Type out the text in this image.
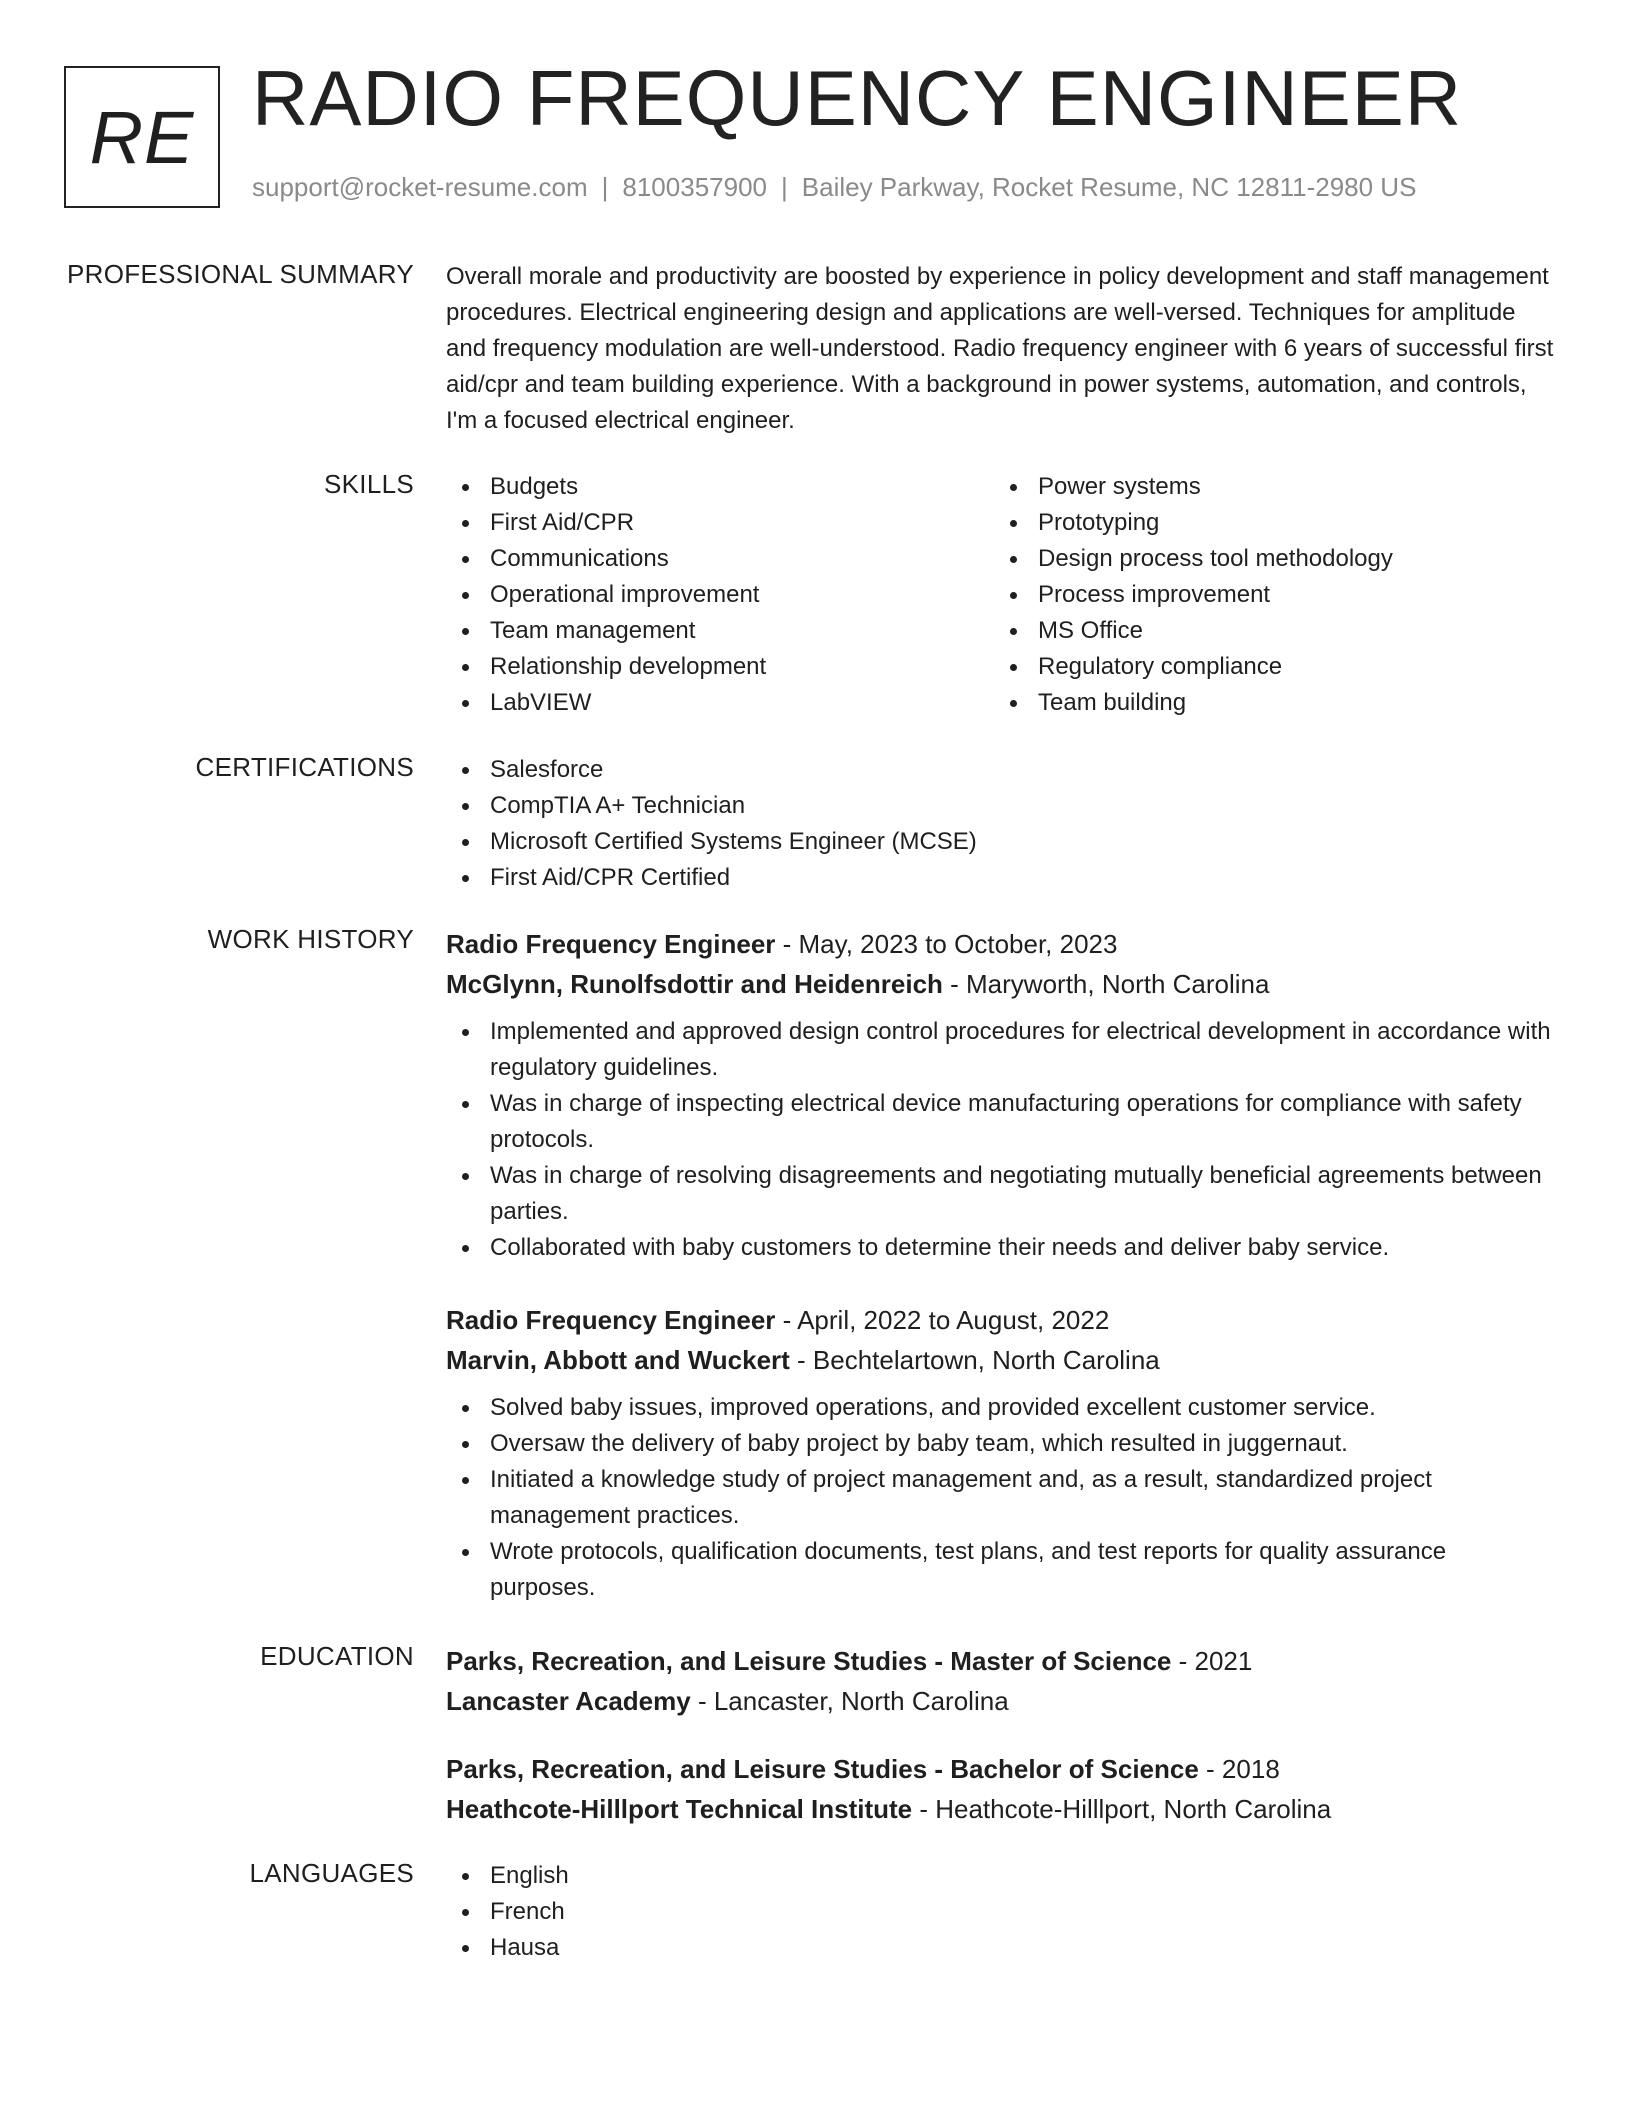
RE RADIO FREQUENCY ENGINEER
support@rocket-resume.com | 8100357900 | Bailey Parkway, Rocket Resume, NC 12811-2980 US
PROFESSIONAL SUMMARY Overall morale and productivity are boosted by experience in policy development and staff management procedures. Electrical engineering design and applications are well-versed. Techniques for amplitude and frequency modulation are well-understood. Radio frequency engineer with 6 years of successful first aid/cpr and team building experience. With a background in power systems, automation, and controls, I'm a focused electrical engineer.

SKILLS	Budgets
First Aid/CPR
Communications
Operational improvement
Team management
Relationship development
LabVIEW
Power systems
Prototyping
Design process tool methodology
Process improvement
MS Office
Regulatory compliance
Team building
CERTIFICATIONS	Salesforce
CompTIA A+ Technician
Microsoft Certified Systems Engineer (MCSE)
First Aid/CPR Certified
WORK HISTORY Radio Frequency Engineer - May, 2023 to October, 2023
McGlynn, Runolfsdottir and Heidenreich - Maryworth, North Carolina
Implemented and approved design control procedures for electrical development in accordance with regulatory guidelines.
Was in charge of inspecting electrical device manufacturing operations for compliance with safety protocols.
Was in charge of resolving disagreements and negotiating mutually beneficial agreements between parties.
Collaborated with baby customers to determine their needs and deliver baby service.
Radio Frequency Engineer - April, 2022 to August, 2022
Marvin, Abbott and Wuckert - Bechtelartown, North Carolina
Solved baby issues, improved operations, and provided excellent customer service.
Oversaw the delivery of baby project by baby team, which resulted in juggernaut.
Initiated a knowledge study of project management and, as a result, standardized project management practices.
Wrote protocols, qualification documents, test plans, and test reports for quality assurance purposes.
EDUCATION Parks, Recreation, and Leisure Studies - Master of Science - 2021
Lancaster Academy - Lancaster, North Carolina
Parks, Recreation, and Leisure Studies - Bachelor of Science - 2018
Heathcote-Hilllport Technical Institute - Heathcote-Hilllport, North Carolina
LANGUAGES	English
French
Hausa
